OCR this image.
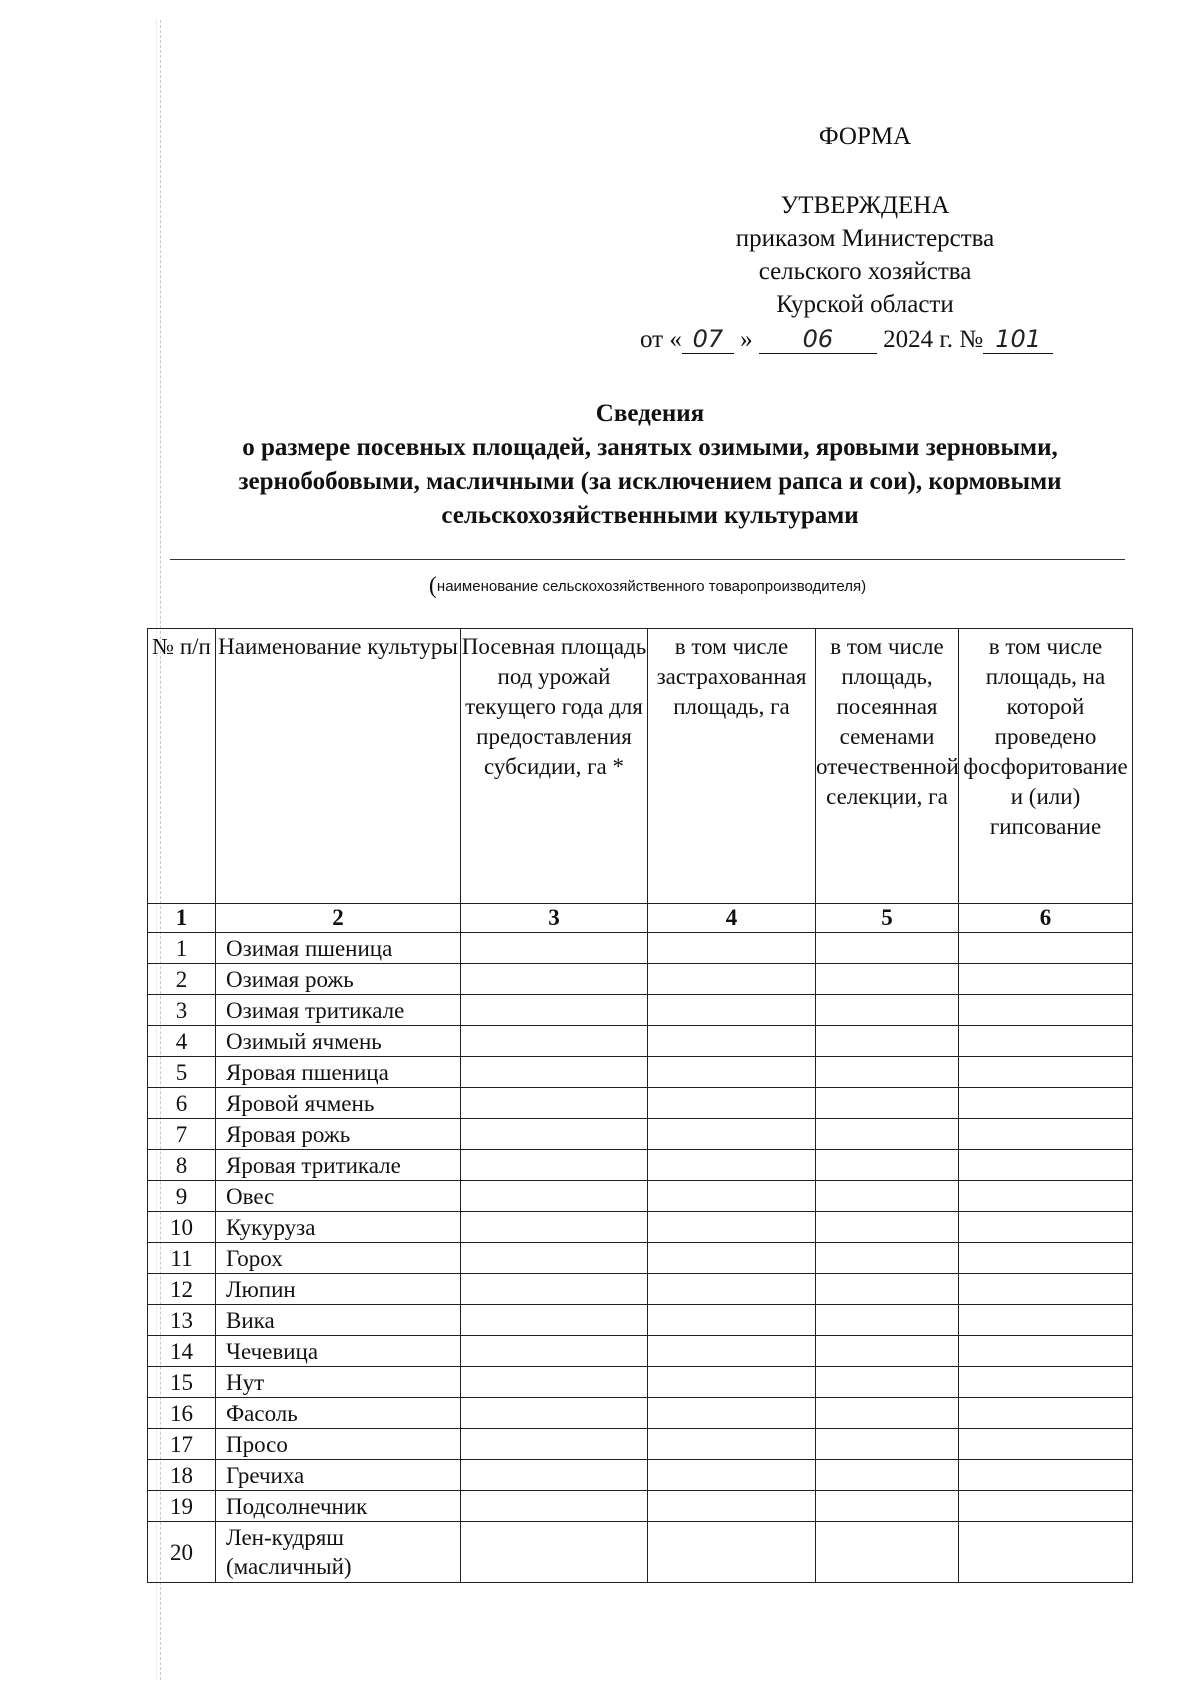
ФОРМА
УТВЕРЖДЕНА
приказом Министерства
сельского хозяйства
Курской области
от « 07 » 06 2024 г. № 101
Сведения
о размере посевных площадей, занятых озимыми, яровыми зерновыми,
зернобобовыми, масличными (за исключением рапса и сои), кормовыми
сельскохозяйственными культурами
(наименование сельскохозяйственного товаропроизводителя)
№ п/п	Наименование культуры	Посевная площадь под урожай текущего года для предоставления субсидии, га *	в том числе застрахованная площадь, га	в том числе площадь, посеянная семенами отечественной селекции, га	в том числе площадь, на которой проведено фосфоритование и (или) гипсование
1	2	3	4	5	6
1	Озимая пшеница				
2	Озимая рожь				
3	Озимая тритикале				
4	Озимый ячмень				
5	Яровая пшеница				
6	Яровой ячмень				
7	Яровая рожь				
8	Яровая тритикале				
9	Овес				
10	Кукуруза				
11	Горох				
12	Люпин				
13	Вика				
14	Чечевица				
15	Нут				
16	Фасоль				
17	Просо				
18	Гречиха				
19	Подсолнечник				
20	Лен-кудряш (масличный)				
